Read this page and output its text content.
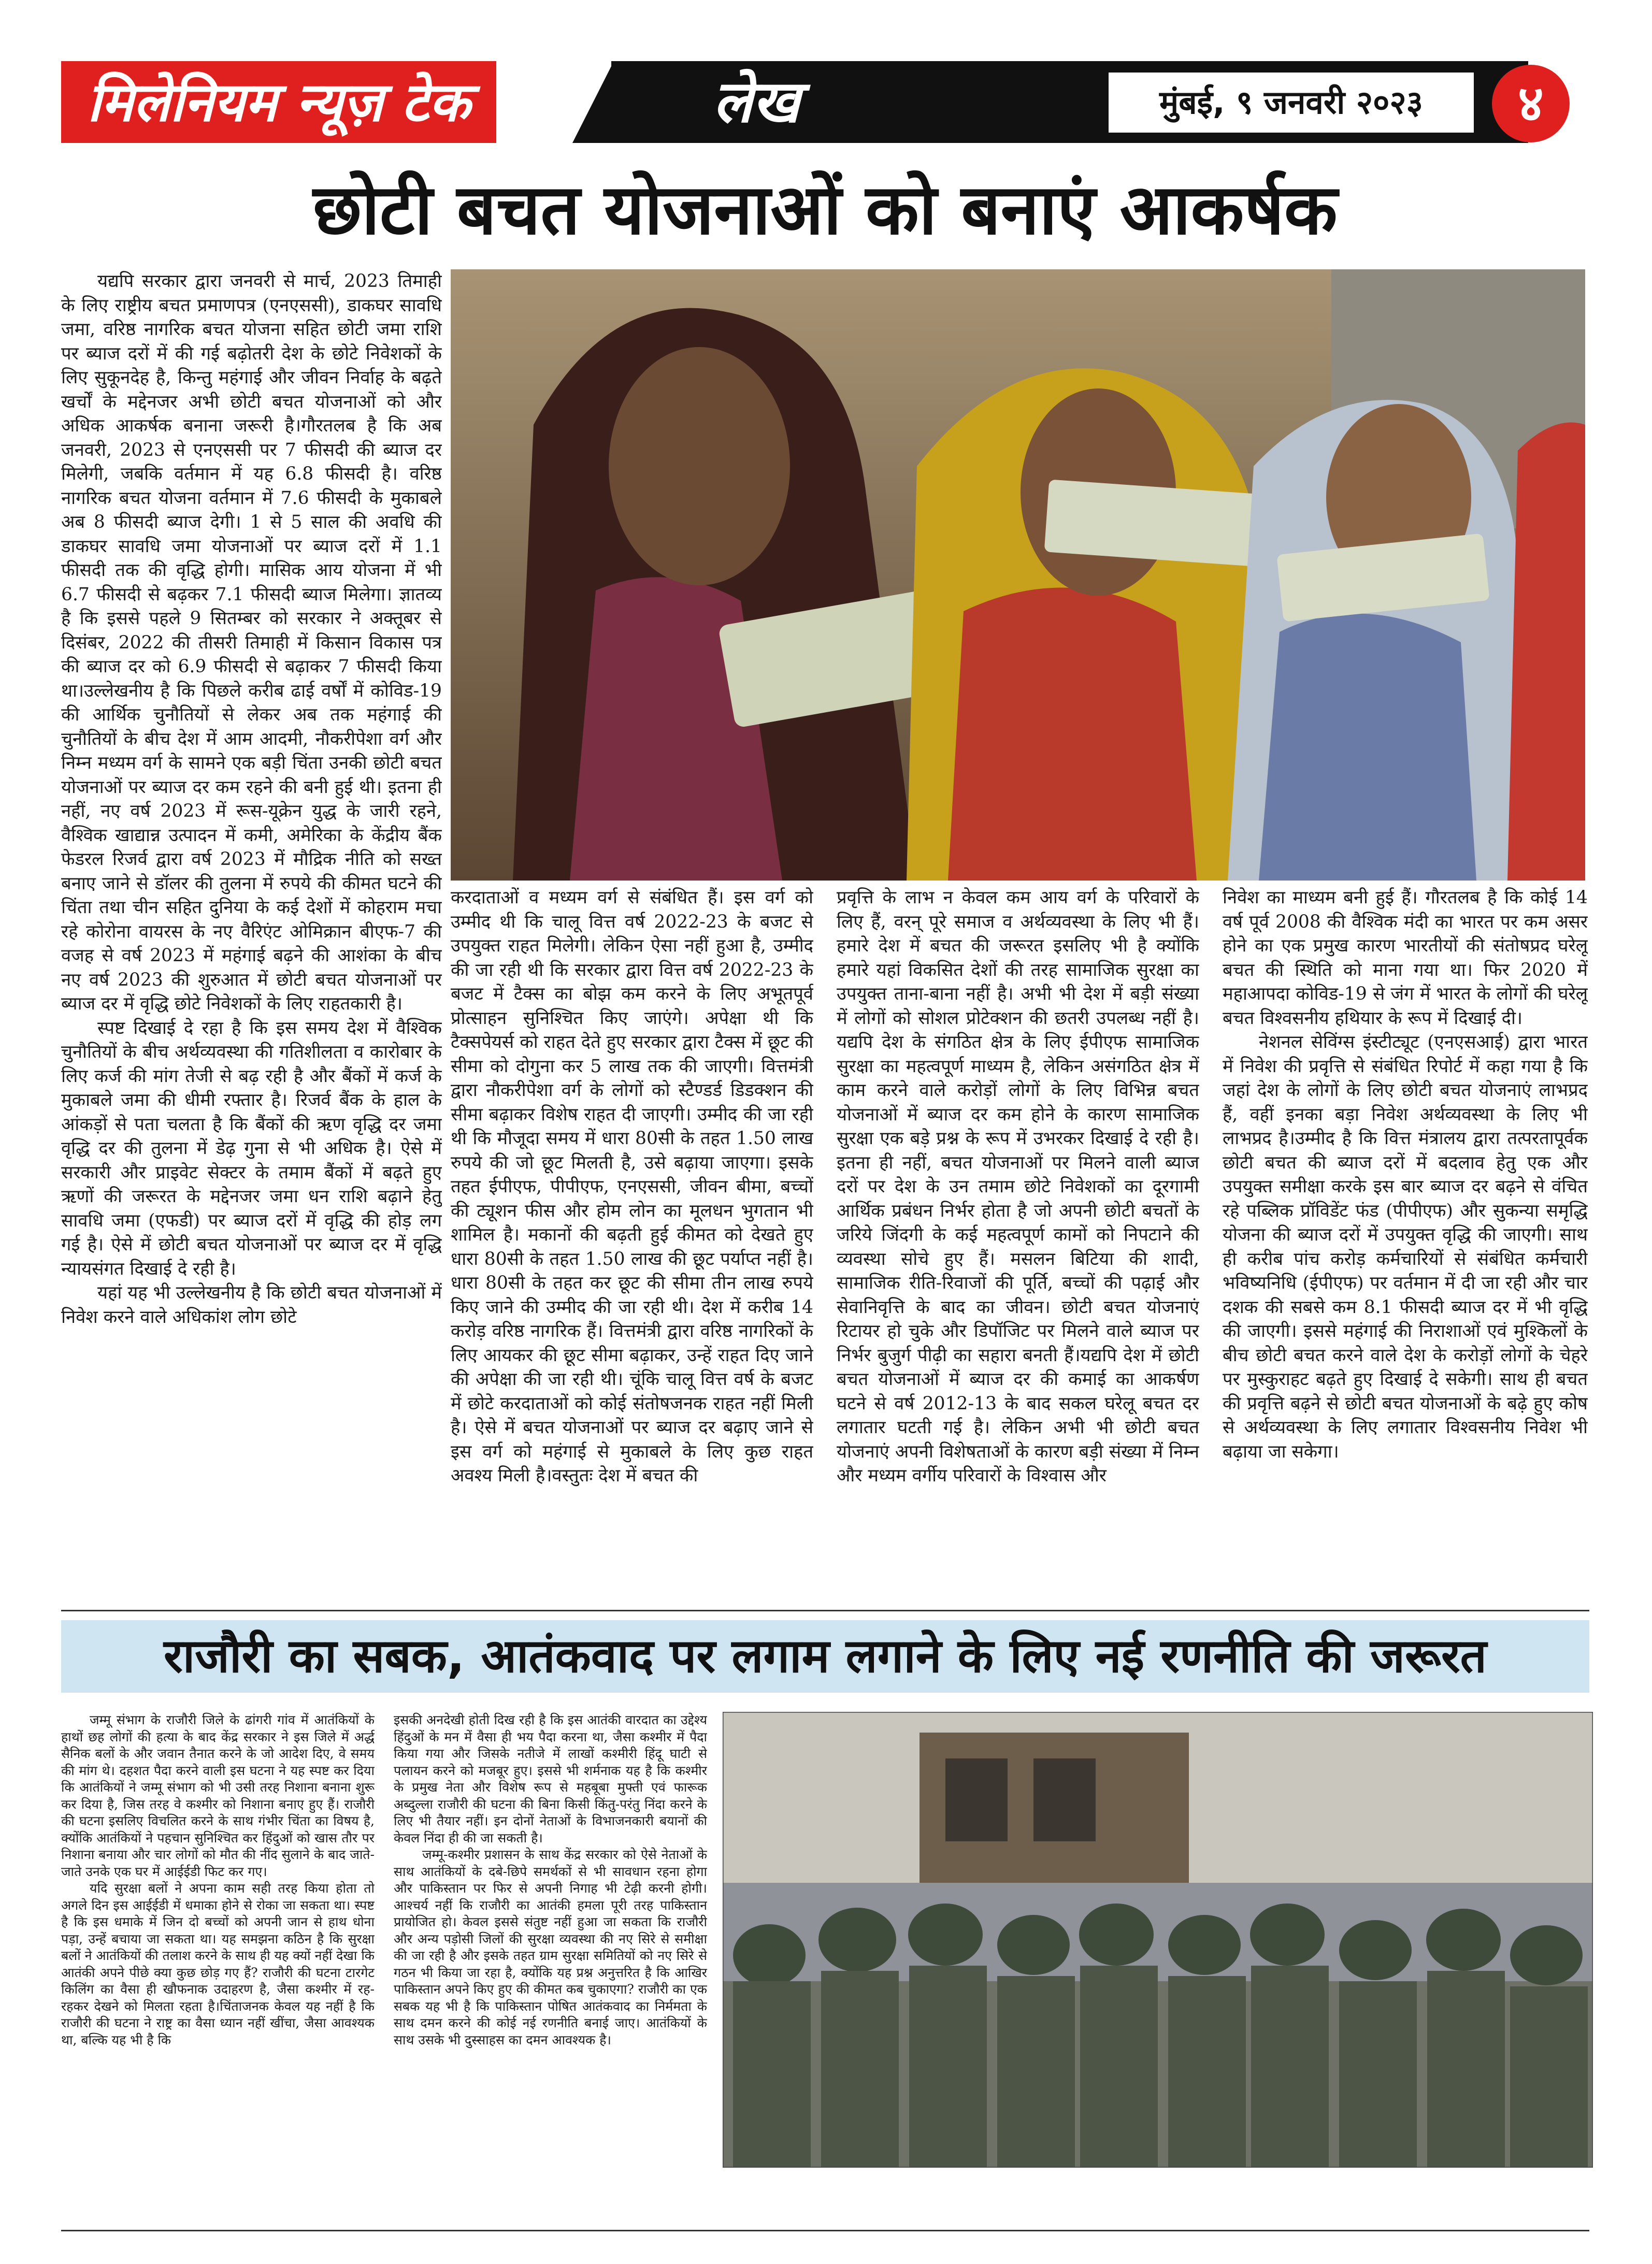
मिलेनियम न्यूज़ टेक	लेख	मुंबई, ९ जनवरी २०२३	४
छोटी बचत योजनाओं को बनाएं आकर्षक

यद्यपि सरकार द्वारा जनवरी से मार्च, 2023 तिमाही के लिए राष्ट्रीय बचत प्रमाणपत्र (एनएससी), डाकघर सावधि जमा, वरिष्ठ नागरिक बचत योजना सहित छोटी जमा राशि पर ब्याज दरों में की गई बढ़ोतरी देश के छोटे निवेशकों के लिए सुकूनदेह है, किन्तु महंगाई और जीवन निर्वाह के बढ़ते खर्चों के मद्देनजर अभी छोटी बचत योजनाओं को और अधिक आकर्षक बनाना जरूरी है।गौरतलब है कि अब जनवरी, 2023 से एनएससी पर 7 फीसदी की ब्याज दर मिलेगी, जबकि वर्तमान में यह 6.8 फीसदी है। वरिष्ठ नागरिक बचत योजना वर्तमान में 7.6 फीसदी के मुकाबले अब 8 फीसदी ब्याज देगी। 1 से 5 साल की अवधि की डाकघर सावधि जमा योजनाओं पर ब्याज दरों में 1.1 फीसदी तक की वृद्धि होगी। मासिक आय योजना में भी 6.7 फीसदी से बढ़कर 7.1 फीसदी ब्याज मिलेगा। ज्ञातव्य है कि इससे पहले 9 सितम्बर को सरकार ने अक्तूबर से दिसंबर, 2022 की तीसरी तिमाही में किसान विकास पत्र की ब्याज दर को 6.9 फीसदी से बढ़ाकर 7 फीसदी किया था।उल्लेखनीय है कि पिछले करीब ढाई वर्षों में कोविड-19 की आर्थिक चुनौतियों से लेकर अब तक महंगाई की चुनौतियों के बीच देश में आम आदमी, नौकरीपेशा वर्ग और निम्न मध्यम वर्ग के सामने एक बड़ी चिंता उनकी छोटी बचत योजनाओं पर ब्याज दर कम रहने की बनी हुई थी। इतना ही नहीं, नए वर्ष 2023 में रूस-यूक्रेन युद्ध के जारी रहने, वैश्विक खाद्यान्न उत्पादन में कमी, अमेरिका के केंद्रीय बैंक फेडरल रिजर्व द्वारा वर्ष 2023 में मौद्रिक नीति को सख्त बनाए जाने से डॉलर की तुलना में रुपये की कीमत घटने की चिंता तथा चीन सहित दुनिया के कई देशों में कोहराम मचा रहे कोरोना वायरस के नए वैरिएंट ओमिक्रान बीएफ-7 की वजह से वर्ष 2023 में महंगाई बढ़ने की आशंका के बीच नए वर्ष 2023 की शुरुआत में छोटी बचत योजनाओं पर ब्याज दर में वृद्धि छोटे निवेशकों के लिए राहतकारी है।

स्पष्ट दिखाई दे रहा है कि इस समय देश में वैश्विक चुनौतियों के बीच अर्थव्यवस्था की गतिशीलता व कारोबार के लिए कर्ज की मांग तेजी से बढ़ रही है और बैंकों में कर्ज के मुकाबले जमा की धीमी रफ्तार है। रिजर्व बैंक के हाल के आंकड़ों से पता चलता है कि बैंकों की ऋण वृद्धि दर जमा वृद्धि दर की तुलना में डेढ़ गुना से भी अधिक है। ऐसे में सरकारी और प्राइवेट सेक्टर के तमाम बैंकों में बढ़ते हुए ऋणों की जरूरत के मद्देनजर जमा धन राशि बढ़ाने हेतु सावधि जमा (एफडी) पर ब्याज दरों में वृद्धि की होड़ लग गई है। ऐसे में छोटी बचत योजनाओं पर ब्याज दर में वृद्धि न्यायसंगत दिखाई दे रही है।

यहां यह भी उल्लेखनीय है कि छोटी बचत योजनाओं में निवेश करने वाले अधिकांश लोग छोटे

करदाताओं व मध्यम वर्ग से संबंधित हैं। इस वर्ग को उम्मीद थी कि चालू वित्त वर्ष 2022-23 के बजट से उपयुक्त राहत मिलेगी। लेकिन ऐसा नहीं हुआ है, उम्मीद की जा रही थी कि सरकार द्वारा वित्त वर्ष 2022-23 के बजट में टैक्स का बोझ कम करने के लिए अभूतपूर्व प्रोत्साहन सुनिश्चित किए जाएंगे। अपेक्षा थी कि टैक्सपेयर्स को राहत देते हुए सरकार द्वारा टैक्स में छूट की सीमा को दोगुना कर 5 लाख तक की जाएगी। वित्तमंत्री द्वारा नौकरीपेशा वर्ग के लोगों को स्टैण्डर्ड डिडक्शन की सीमा बढ़ाकर विशेष राहत दी जाएगी। उम्मीद की जा रही थी कि मौजूदा समय में धारा 80सी के तहत 1.50 लाख रुपये की जो छूट मिलती है, उसे बढ़ाया जाएगा। इसके तहत ईपीएफ, पीपीएफ, एनएससी, जीवन बीमा, बच्चों की ट्यूशन फीस और होम लोन का मूलधन भुगतान भी शामिल है। मकानों की बढ़ती हुई कीमत को देखते हुए धारा 80सी के तहत 1.50 लाख की छूट पर्याप्त नहीं है। धारा 80सी के तहत कर छूट की सीमा तीन लाख रुपये किए जाने की उम्मीद की जा रही थी। देश में करीब 14 करोड़ वरिष्ठ नागरिक हैं। वित्तमंत्री द्वारा वरिष्ठ नागरिकों के लिए आयकर की छूट सीमा बढ़ाकर, उन्हें राहत दिए जाने की अपेक्षा की जा रही थी। चूंकि चालू वित्त वर्ष के बजट में छोटे करदाताओं को कोई संतोषजनक राहत नहीं मिली है। ऐसे में बचत योजनाओं पर ब्याज दर बढ़ाए जाने से इस वर्ग को महंगाई से मुकाबले के लिए कुछ राहत अवश्य मिली है।वस्तुतः देश में बचत की

प्रवृत्ति के लाभ न केवल कम आय वर्ग के परिवारों के लिए हैं, वरन् पूरे समाज व अर्थव्यवस्था के लिए भी हैं। हमारे देश में बचत की जरूरत इसलिए भी है क्योंकि हमारे यहां विकसित देशों की तरह सामाजिक सुरक्षा का उपयुक्त ताना-बाना नहीं है। अभी भी देश में बड़ी संख्या में लोगों को सोशल प्रोटेक्शन की छतरी उपलब्ध नहीं है। यद्यपि देश के संगठित क्षेत्र के लिए ईपीएफ सामाजिक सुरक्षा का महत्वपूर्ण माध्यम है, लेकिन असंगठित क्षेत्र में काम करने वाले करोड़ों लोगों के लिए विभिन्न बचत योजनाओं में ब्याज दर कम होने के कारण सामाजिक सुरक्षा एक बड़े प्रश्न के रूप में उभरकर दिखाई दे रही है। इतना ही नहीं, बचत योजनाओं पर मिलने वाली ब्याज दरों पर देश के उन तमाम छोटे निवेशकों का दूरगामी आर्थिक प्रबंधन निर्भर होता है जो अपनी छोटी बचतों के जरिये जिंदगी के कई महत्वपूर्ण कामों को निपटाने की व्यवस्था सोचे हुए हैं। मसलन बिटिया की शादी, सामाजिक रीति-रिवाजों की पूर्ति, बच्चों की पढ़ाई और सेवानिवृत्ति के बाद का जीवन। छोटी बचत योजनाएं रिटायर हो चुके और डिपॉजिट पर मिलने वाले ब्याज पर निर्भर बुजुर्ग पीढ़ी का सहारा बनती हैं।यद्यपि देश में छोटी बचत योजनाओं में ब्याज दर की कमाई का आकर्षण घटने से वर्ष 2012-13 के बाद सकल घरेलू बचत दर लगातार घटती गई है। लेकिन अभी भी छोटी बचत योजनाएं अपनी विशेषताओं के कारण बड़ी संख्या में निम्न और मध्यम वर्गीय परिवारों के विश्वास और

निवेश का माध्यम बनी हुई हैं। गौरतलब है कि कोई 14 वर्ष पूर्व 2008 की वैश्विक मंदी का भारत पर कम असर होने का एक प्रमुख कारण भारतीयों की संतोषप्रद घरेलू बचत की स्थिति को माना गया था। फिर 2020 में महाआपदा कोविड-19 से जंग में भारत के लोगों की घरेलू बचत विश्वसनीय हथियार के रूप में दिखाई दी।

नेशनल सेविंग्स इंस्टीट्यूट (एनएसआई) द्वारा भारत में निवेश की प्रवृत्ति से संबंधित रिपोर्ट में कहा गया है कि जहां देश के लोगों के लिए छोटी बचत योजनाएं लाभप्रद हैं, वहीं इनका बड़ा निवेश अर्थव्यवस्था के लिए भी लाभप्रद है।उम्मीद है कि वित्त मंत्रालय द्वारा तत्परतापूर्वक छोटी बचत की ब्याज दरों में बदलाव हेतु एक और उपयुक्त समीक्षा करके इस बार ब्याज दर बढ़ने से वंचित रहे पब्लिक प्रॉविडेंट फंड (पीपीएफ) और सुकन्या समृद्धि योजना की ब्याज दरों में उपयुक्त वृद्धि की जाएगी। साथ ही करीब पांच करोड़ कर्मचारियों से संबंधित कर्मचारी भविष्यनिधि (ईपीएफ) पर वर्तमान में दी जा रही और चार दशक की सबसे कम 8.1 फीसदी ब्याज दर में भी वृद्धि की जाएगी। इससे महंगाई की निराशाओं एवं मुश्किलों के बीच छोटी बचत करने वाले देश के करोड़ों लोगों के चेहरे पर मुस्कुराहट बढ़ते हुए दिखाई दे सकेगी। साथ ही बचत की प्रवृत्ति बढ़ने से छोटी बचत योजनाओं के बढ़े हुए कोष से अर्थव्यवस्था के लिए लगातार विश्वसनीय निवेश भी बढ़ाया जा सकेगा।

राजौरी का सबक, आतंकवाद पर लगाम लगाने के लिए नई रणनीति की जरूरत

जम्मू संभाग के राजौरी जिले के ढांगरी गांव में आतंकियों के हाथों छह लोगों की हत्या के बाद केंद्र सरकार ने इस जिले में अर्द्ध सैनिक बलों के और जवान तैनात करने के जो आदेश दिए, वे समय की मांग थे। दहशत पैदा करने वाली इस घटना ने यह स्पष्ट कर दिया कि आतंकियों ने जम्मू संभाग को भी उसी तरह निशाना बनाना शुरू कर दिया है, जिस तरह वे कश्मीर को निशाना बनाए हुए हैं। राजौरी की घटना इसलिए विचलित करने के साथ गंभीर चिंता का विषय है, क्योंकि आतंकियों ने पहचान सुनिश्चित कर हिंदुओं को खास तौर पर निशाना बनाया और चार लोगों को मौत की नींद सुलाने के बाद जाते-जाते उनके एक घर में आईईडी फिट कर गए।

यदि सुरक्षा बलों ने अपना काम सही तरह किया होता तो अगले दिन इस आईईडी में धमाका होने से रोका जा सकता था। स्पष्ट है कि इस धमाके में जिन दो बच्चों को अपनी जान से हाथ धोना पड़ा, उन्हें बचाया जा सकता था। यह समझना कठिन है कि सुरक्षा बलों ने आतंकियों की तलाश करने के साथ ही यह क्यों नहीं देखा कि आतंकी अपने पीछे क्या कुछ छोड़ गए हैं? राजौरी की घटना टारगेट किलिंग का वैसा ही खौफनाक उदाहरण है, जैसा कश्मीर में रह-रहकर देखने को मिलता रहता है।चिंताजनक केवल यह नहीं है कि राजौरी की घटना ने राष्ट्र का वैसा ध्यान नहीं खींचा, जैसा आवश्यक था, बल्कि यह भी है कि

इसकी अनदेखी होती दिख रही है कि इस आतंकी वारदात का उद्देश्य हिंदुओं के मन में वैसा ही भय पैदा करना था, जैसा कश्मीर में पैदा किया गया और जिसके नतीजे में लाखों कश्मीरी हिंदू घाटी से पलायन करने को मजबूर हुए। इससे भी शर्मनाक यह है कि कश्मीर के प्रमुख नेता और विशेष रूप से महबूबा मुफ्ती एवं फारूक अब्दुल्ला राजौरी की घटना की बिना किसी किंतु-परंतु निंदा करने के लिए भी तैयार नहीं। इन दोनों नेताओं के विभाजनकारी बयानों की केवल निंदा ही की जा सकती है।

जम्मू-कश्मीर प्रशासन के साथ केंद्र सरकार को ऐसे नेताओं के साथ आतंकियों के दबे-छिपे समर्थकों से भी सावधान रहना होगा और पाकिस्तान पर फिर से अपनी निगाह भी टेढ़ी करनी होगी। आश्चर्य नहीं कि राजौरी का आतंकी हमला पूरी तरह पाकिस्तान प्रायोजित हो। केवल इससे संतुष्ट नहीं हुआ जा सकता कि राजौरी और अन्य पड़ोसी जिलों की सुरक्षा व्यवस्था की नए सिरे से समीक्षा की जा रही है और इसके तहत ग्राम सुरक्षा समितियों को नए सिरे से गठन भी किया जा रहा है, क्योंकि यह प्रश्न अनुत्तरित है कि आखिर पाकिस्तान अपने किए हुए की कीमत कब चुकाएगा? राजौरी का एक सबक यह भी है कि पाकिस्तान पोषित आतंकवाद का निर्ममता के साथ दमन करने की कोई नई रणनीति बनाई जाए। आतंकियों के साथ उसके भी दुस्साहस का दमन आवश्यक है।
